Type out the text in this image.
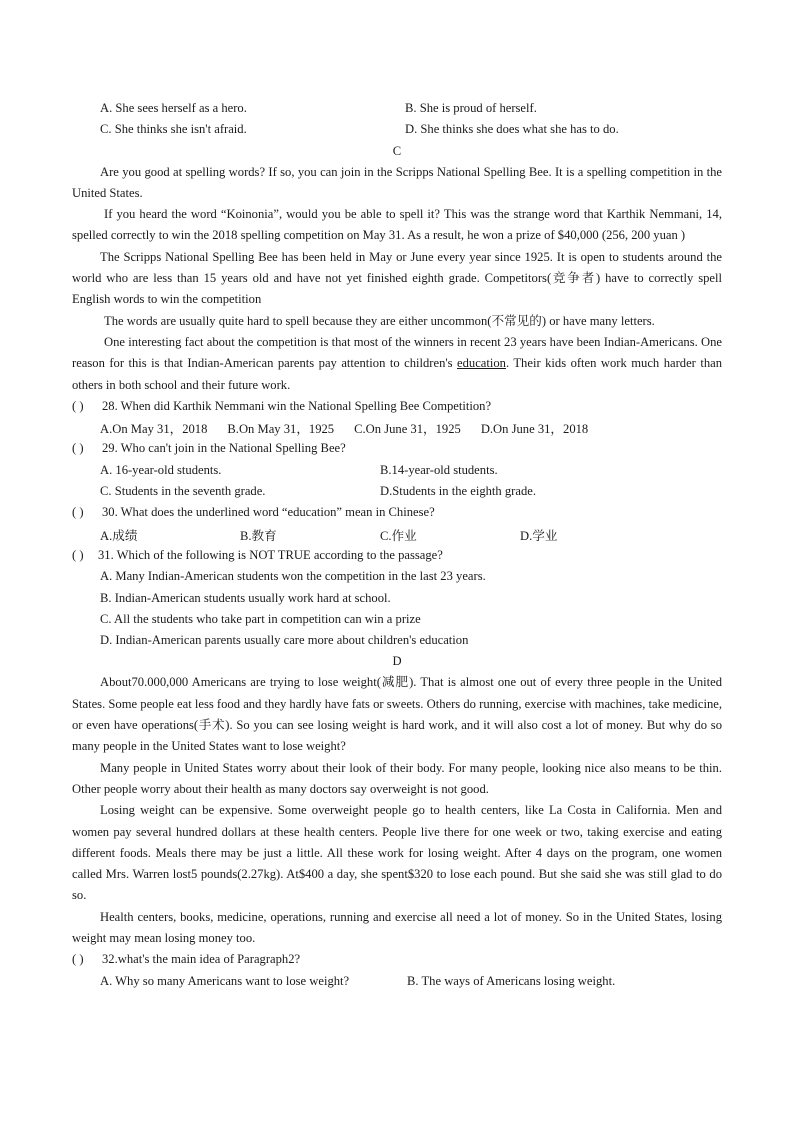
A. She sees herself as a hero.	B. She is proud of herself.
C. She thinks she isn't afraid.	D. She thinks she does what she has to do.
C

Are you good at spelling words? If so, you can join in the Scripps National Spelling Bee. It is a spelling competition in the United States.

If you heard the word “Koinonia”, would you be able to spell it? This was the strange word that Karthik Nemmani, 14, spelled correctly to win the 2018 spelling competition on May 31. As a result, he won a prize of $40,000 (256, 200 yuan )

The Scripps National Spelling Bee has been held in May or June every year since 1925. It is open to students around the world who are less than 15 years old and have not yet finished eighth grade. Competitors(竞争者) have to correctly spell English words to win the competition

The words are usually quite hard to spell because they are either uncommon(不常见的) or have many letters.

One interesting fact about the competition is that most of the winners in recent 23 years have been Indian-Americans. One reason for this is that Indian-American parents pay attention to children's education. Their kids often work much harder than others in both school and their future work.

( ) 28. When did Karthik Nemmani win the National Spelling Bee Competition?
A.On May 31，2018 B.On May 31，1925 C.On June 31，1925 D.On June 31，2018
( ) 29. Who can't join in the National Spelling Bee?
A. 16-year-old students.	B.14-year-old students.
C. Students in the seventh grade.	D.Students in the eighth grade.
( ) 30. What does the underlined word “education” mean in Chinese?
A.成绩	B.教育	C.作业	D.学业
( ) 31. Which of the following is NOT TRUE according to the passage?
A. Many Indian-American students won the competition in the last 23 years.
B. Indian-American students usually work hard at school.
C. All the students who take part in competition can win a prize
D. Indian-American parents usually care more about children's education
D

About70.000,000 Americans are trying to lose weight(减肥). That is almost one out of every three people in the United States. Some people eat less food and they hardly have fats or sweets. Others do running, exercise with machines, take medicine, or even have operations(手术). So you can see losing weight is hard work, and it will also cost a lot of money. But why do so many people in the United States want to lose weight?

Many people in United States worry about their look of their body. For many people, looking nice also means to be thin. Other people worry about their health as many doctors say overweight is not good.

Losing weight can be expensive. Some overweight people go to health centers, like La Costa in California. Men and women pay several hundred dollars at these health centers. People live there for one week or two, taking exercise and eating different foods. Meals there may be just a little. All these work for losing weight. After 4 days on the program, one women called Mrs. Warren lost5 pounds(2.27kg). At$400 a day, she spent$320 to lose each pound. But she said she was still glad to do so.

Health centers, books, medicine, operations, running and exercise all need a lot of money. So in the United States, losing weight may mean losing money too.

( ) 32.what's the main idea of Paragraph2?
A. Why so many Americans want to lose weight?	B. The ways of Americans losing weight.
